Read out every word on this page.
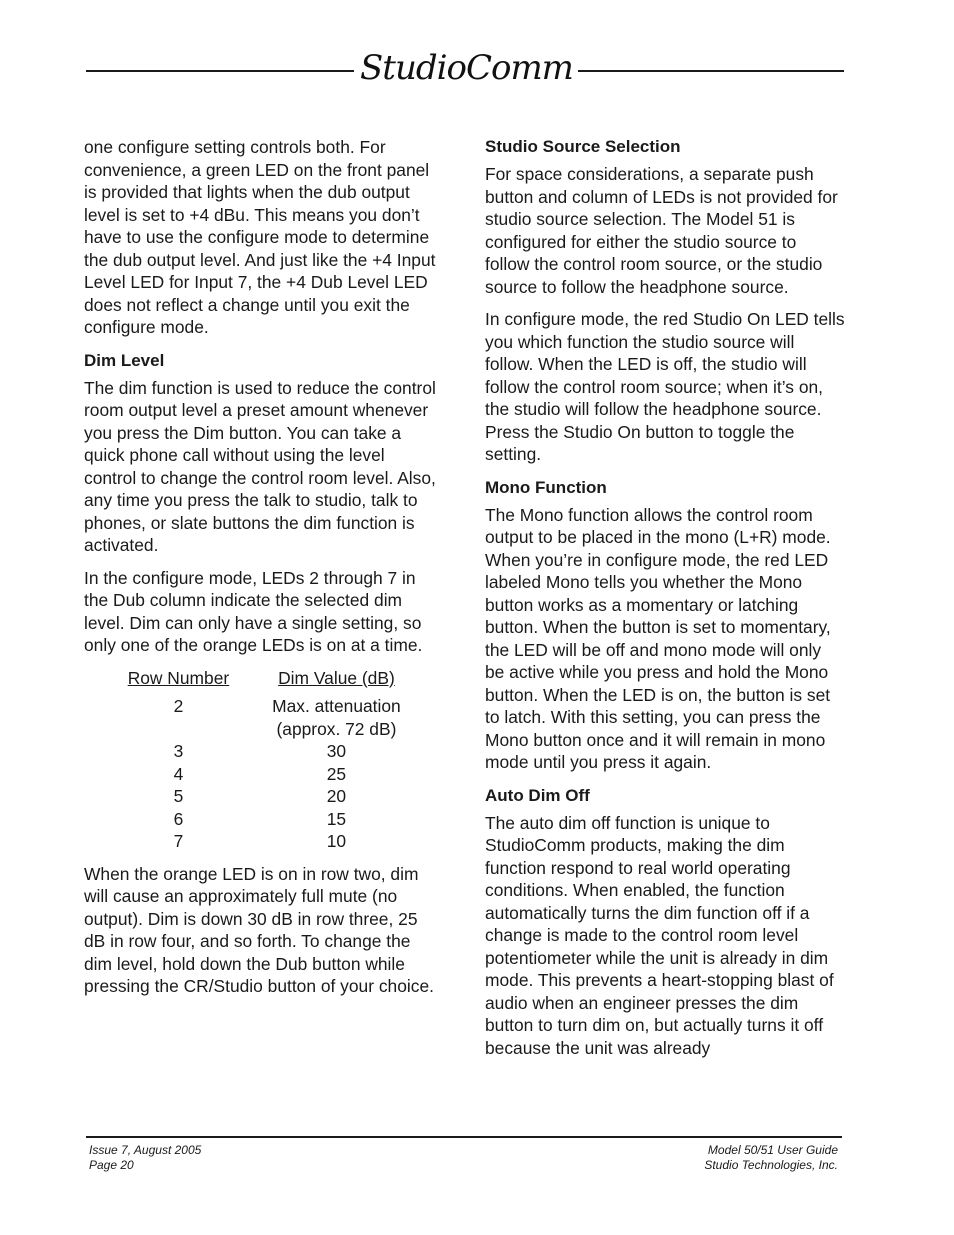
StudioComm

one configure setting controls both. For convenience, a green LED on the front panel is provided that lights when the dub output level is set to +4 dBu. This means you don’t have to use the configure mode to determine the dub output level. And just like the +4 Input Level LED for Input 7, the +4 Dub Level LED does not reflect a change until you exit the configure mode.

Dim Level

The dim function is used to reduce the control room output level a preset amount whenever you press the Dim button. You can take a quick phone call without using the level control to change the control room level. Also, any time you press the talk to studio, talk to phones, or slate buttons the dim function is activated.

In the configure mode, LEDs 2 through 7 in the Dub column indicate the selected dim level. Dim can only have a single setting, so only one of the orange LEDs is on at a time.

Row Number	Dim Value (dB)
2	Max. attenuation
(approx. 72 dB)

3	30
4	25
5	20
6	15
7	10

When the orange LED is on in row two, dim will cause an approximately full mute (no output). Dim is down 30 dB in row three, 25 dB in row four, and so forth. To change the dim level, hold down the Dub button while pressing the CR/Studio button of your choice.

Studio Source Selection

For space considerations, a separate push button and column of LEDs is not provided for studio source selection. The Model 51 is configured for either the studio source to follow the control room source, or the studio source to follow the headphone source.

In configure mode, the red Studio On LED tells you which function the studio source will follow. When the LED is off, the studio will follow the control room source; when it’s on, the studio will follow the headphone source. Press the Studio On button to toggle the setting.

Mono Function

The Mono function allows the control room output to be placed in the mono (L+R) mode. When you’re in configure mode, the red LED labeled Mono tells you whether the Mono button works as a momentary or latching button. When the button is set to momentary, the LED will be off and mono mode will only be active while you press and hold the Mono button. When the LED is on, the button is set to latch. With this setting, you can press the Mono button once and it will remain in mono mode until you press it again.

Auto Dim Off

The auto dim off function is unique to StudioComm products, making the dim function respond to real world operating conditions. When enabled, the function automatically turns the dim function off if a change is made to the control room level potentiometer while the unit is already in dim mode. This prevents a heart-stopping blast of audio when an engineer presses the dim button to turn dim on, but actually turns it off because the unit was already

Issue 7, August 2005
Page 20
Model 50/51 User Guide
Studio Technologies, Inc.
